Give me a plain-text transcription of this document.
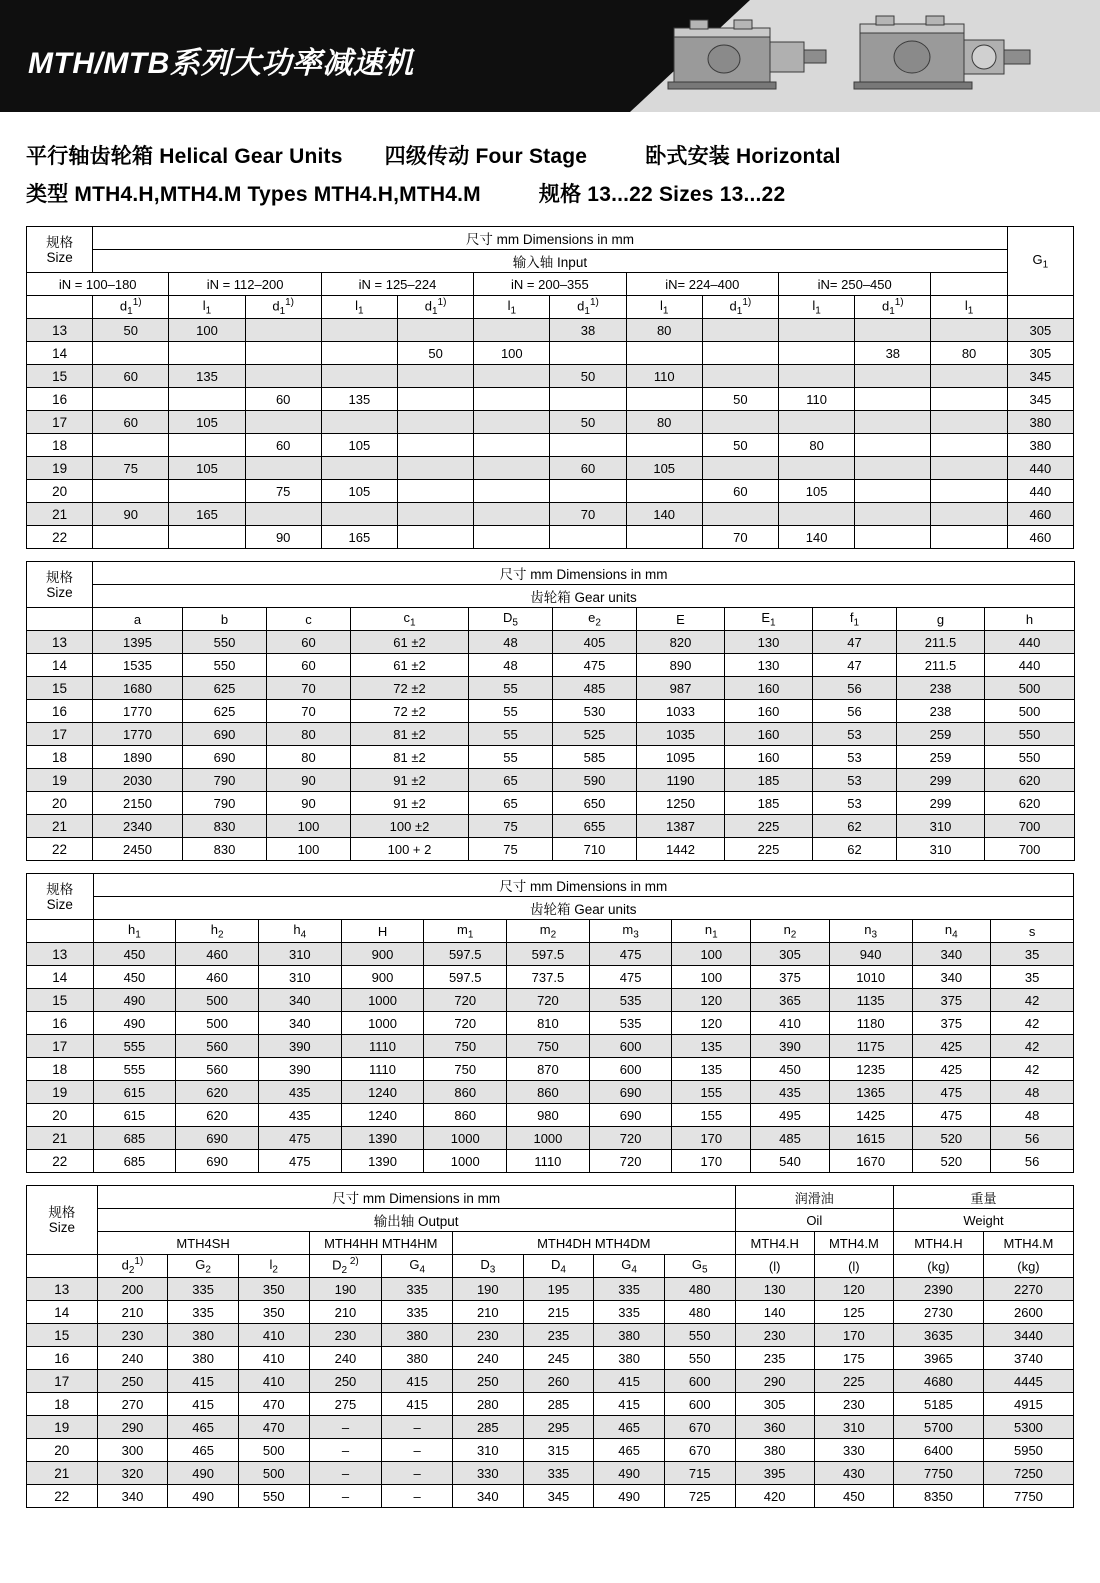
MTH/MTB系列大功率减速机
平行轴齿轮箱 Helical Gear Units 四级传动 Four Stage	卧式安装 Horizontal
类型 MTH4.H,MTH4.M Types MTH4.H,MTH4.M	规格 13...22 Sizes 13...22
规格
Size	尺寸 mm Dimensions in mm												$G_1$
	输入轴 Input												
iN = 100–180		iN = 112–200		iN = 125–224		iN = 200–355		iN= 224–400		iN= 250–450			
	$d_1^{1)}$	$l_1$	$d_1^{1)}$	$l_1$	$d_1^{1)}$	$l_1$	$d_1^{1)}$	$l_1$	$d_1^{1)}$	$l_1$	$d_1^{1)}$	$l_1$	
13	50	100					38	80					305
14					50	100					38	80	305
15	60	135					50	110					345
16			60	135					50	110			345
17	60	105					50	80					380
18			60	105					50	80			380
19	75	105					60	105					440
20			75	105					60	105			440
21	90	165					70	140					460
22			90	165					70	140			460
规格
Size	尺寸 mm Dimensions in mm										
	齿轮箱 Gear units										
	a	b	c	$c_1$	$D_5$	$e_2$	E	$E_1$	$f_1$	g	h
13	1395	550	60	61 ±2	48	405	820	130	47	211.5	440
14	1535	550	60	61 ±2	48	475	890	130	47	211.5	440
15	1680	625	70	72 ±2	55	485	987	160	56	238	500
16	1770	625	70	72 ±2	55	530	1033	160	56	238	500
17	1770	690	80	81 ±2	55	525	1035	160	53	259	550
18	1890	690	80	81 ±2	55	585	1095	160	53	259	550
19	2030	790	90	91 ±2	65	590	1190	185	53	299	620
20	2150	790	90	91 ±2	65	650	1250	185	53	299	620
21	2340	830	100	100 ±2	75	655	1387	225	62	310	700
22	2450	830	100	100 + 2	75	710	1442	225	62	310	700
规格
Size	尺寸 mm Dimensions in mm											
	齿轮箱 Gear units											
	$h_1$	$h_2$	$h_4$	H	$m_1$	$m_2$	$m_3$	$n_1$	$n_2$	$n_3$	$n_4$	s
13	450	460	310	900	597.5	597.5	475	100	305	940	340	35
14	450	460	310	900	597.5	737.5	475	100	375	1010	340	35
15	490	500	340	1000	720	720	535	120	365	1135	375	42
16	490	500	340	1000	720	810	535	120	410	1180	375	42
17	555	560	390	1110	750	750	600	135	390	1175	425	42
18	555	560	390	1110	750	870	600	135	450	1235	425	42
19	615	620	435	1240	860	860	690	155	435	1365	475	48
20	615	620	435	1240	860	980	690	155	495	1425	475	48
21	685	690	475	1390	1000	1000	720	170	485	1615	520	56
22	685	690	475	1390	1000	1110	720	170	540	1670	520	56
规格
Size	尺寸 mm Dimensions in mm									润滑油		重量	
	输出轴 Output									Oil		Weight	
	MTH4SH			MTH4HH MTH4HM		MTH4DH MTH4DM				MTH4.H	MTH4.M	MTH4.H	MTH4.M
	$d_2^{1)}$	$G_2$	$l_2$	$D_2$ $^{2)}$	$G_4$	$D_3$	$D_4$	$G_4$	$G_5$	(l)	(l)	(kg)	(kg)
13	200	335	350	190	335	190	195	335	480	130	120	2390	2270
14	210	335	350	210	335	210	215	335	480	140	125	2730	2600
15	230	380	410	230	380	230	235	380	550	230	170	3635	3440
16	240	380	410	240	380	240	245	380	550	235	175	3965	3740
17	250	415	410	250	415	250	260	415	600	290	225	4680	4445
18	270	415	470	275	415	280	285	415	600	305	230	5185	4915
19	290	465	470	–	–	285	295	465	670	360	310	5700	5300
20	300	465	500	–	–	310	315	465	670	380	330	6400	5950
21	320	490	500	–	–	330	335	490	715	395	430	7750	7250
22	340	490	550	–	–	340	345	490	725	420	450	8350	7750
